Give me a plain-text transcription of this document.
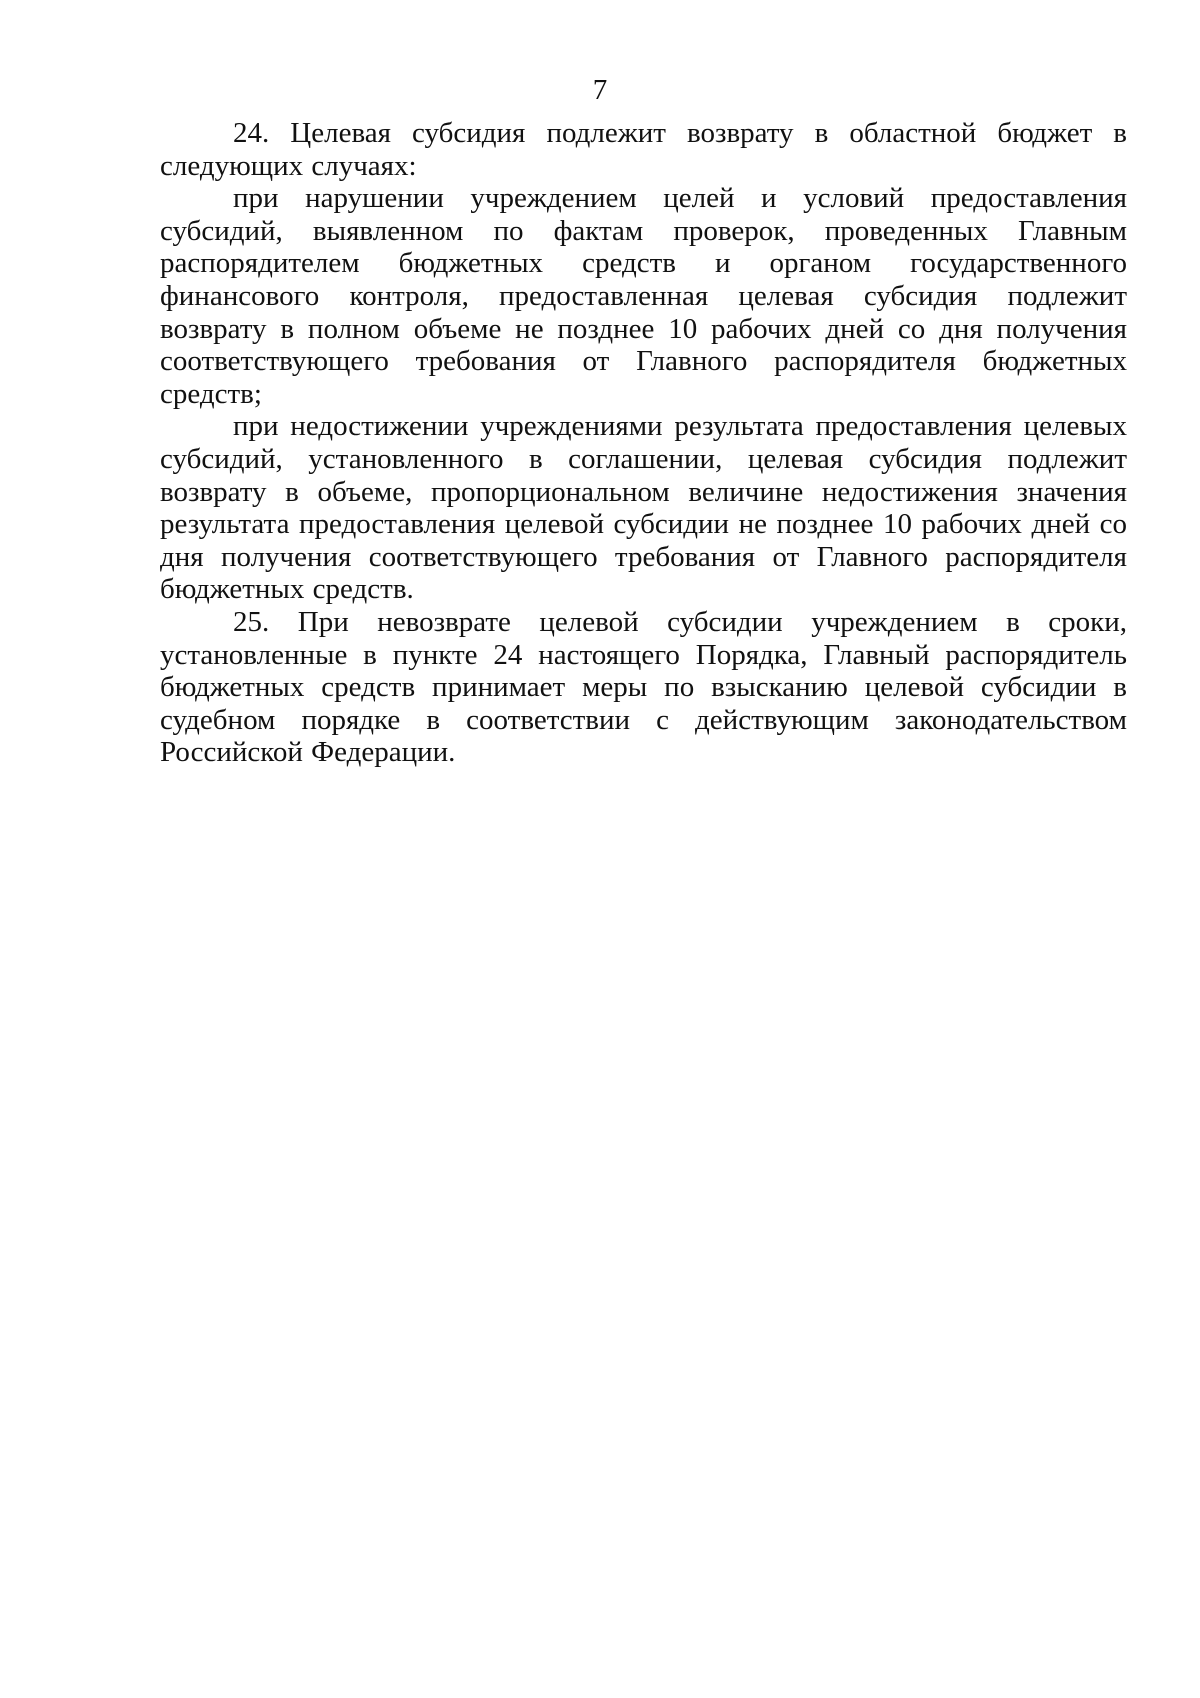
7

24. Целевая субсидия подлежит возврату в областной бюджет в следующих случаях:

при нарушении учреждением целей и условий предоставления субсидий, выявленном по фактам проверок, проведенных Главным распорядителем бюджетных средств и органом государственного финансового контроля, предоставленная целевая субсидия подлежит возврату в полном объеме не позднее 10 рабочих дней со дня получения соответствующего требования от Главного распорядителя бюджетных средств;

при недостижении учреждениями результата предоставления целевых субсидий, установленного в соглашении, целевая субсидия подлежит возврату в объеме, пропорциональном величине недостижения значения результата предоставления целевой субсидии не позднее 10 рабочих дней со дня получения соответствующего требования от Главного распорядителя бюджетных средств.

25. При невозврате целевой субсидии учреждением в сроки, установленные в пункте 24 настоящего Порядка, Главный распорядитель бюджетных средств принимает меры по взысканию целевой субсидии в судебном порядке в соответствии с действующим законодательством Российской Федерации.
